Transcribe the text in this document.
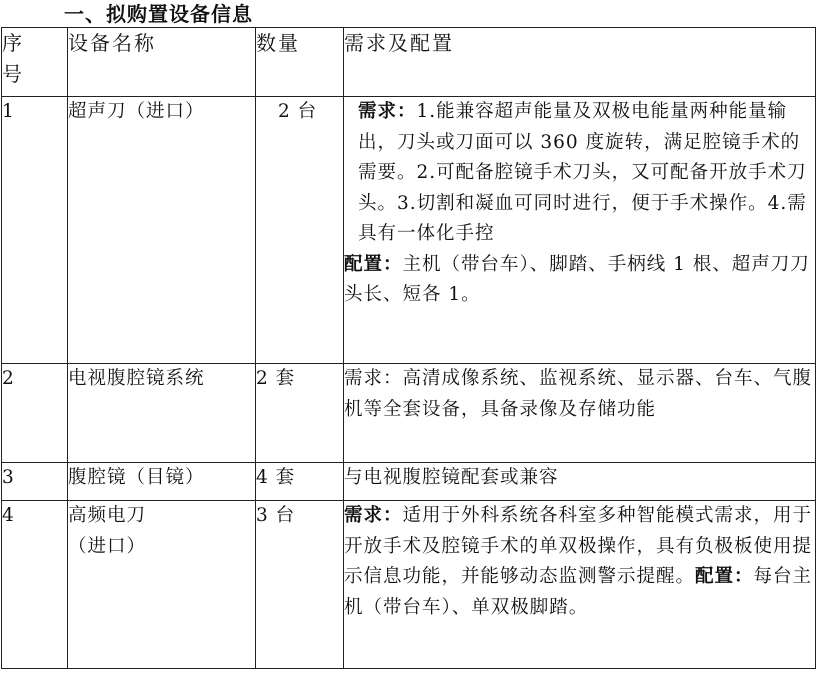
一、拟购置设备信息
序
号	设备名称	数量	需求及配置
1	超声刀（进口）	2 台	需求：1.能兼容超声能量及双极电能量两种能量输出，刀头或刀面可以 360 度旋转，满足腔镜手术的需要。2.可配备腔镜手术刀头，又可配备开放手术刀头。3.切割和凝血可同时进行，便于手术操作。4.需具有一体化手控
配置：主机（带台车）、脚踏、手柄线 1 根、超声刀刀头长、短各 1。

2	电视腹腔镜系统	2 套	需求：高清成像系统、监视系统、显示器、台车、气腹机等全套设备，具备录像及存储功能
3	腹腔镜（目镜）	4 套	与电视腹腔镜配套或兼容
4	高频电刀
（进口）	3 台	需求：适用于外科系统各科室多种智能模式需求，用于开放手术及腔镜手术的单双极操作，具有负极板使用提示信息功能，并能够动态监测警示提醒。配置：每台主机（带台车）、单双极脚踏。
